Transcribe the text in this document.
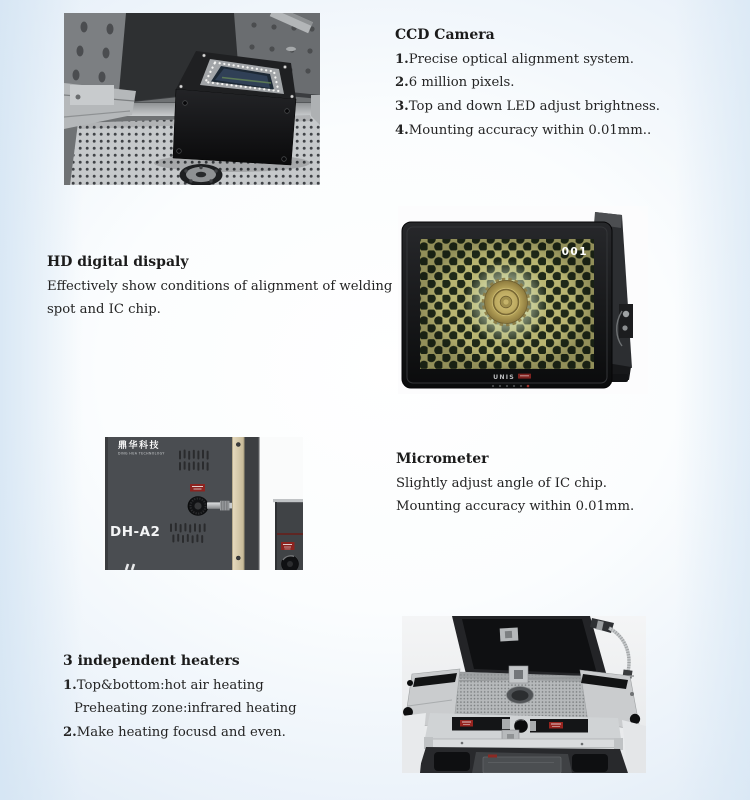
CCD Camera
1.Precise optical alignment system.
2.6 million pixels.
3.Top and down LED adjust brightness.
4.Mounting accuracy within 0.01mm..
HD digital dispaly
Effectively show conditions of alignment of welding
spot and IC chip.
001
UNIS
鼎华科技
DING HUA TECHNOLOGY
DH-A2
Micrometer
Slightly adjust angle of IC chip.
Mounting accuracy within 0.01mm.
3 independent heaters
1.Top&bottom:hot air heating
Preheating zone:infrared heating
2.Make heating focusd and even.
